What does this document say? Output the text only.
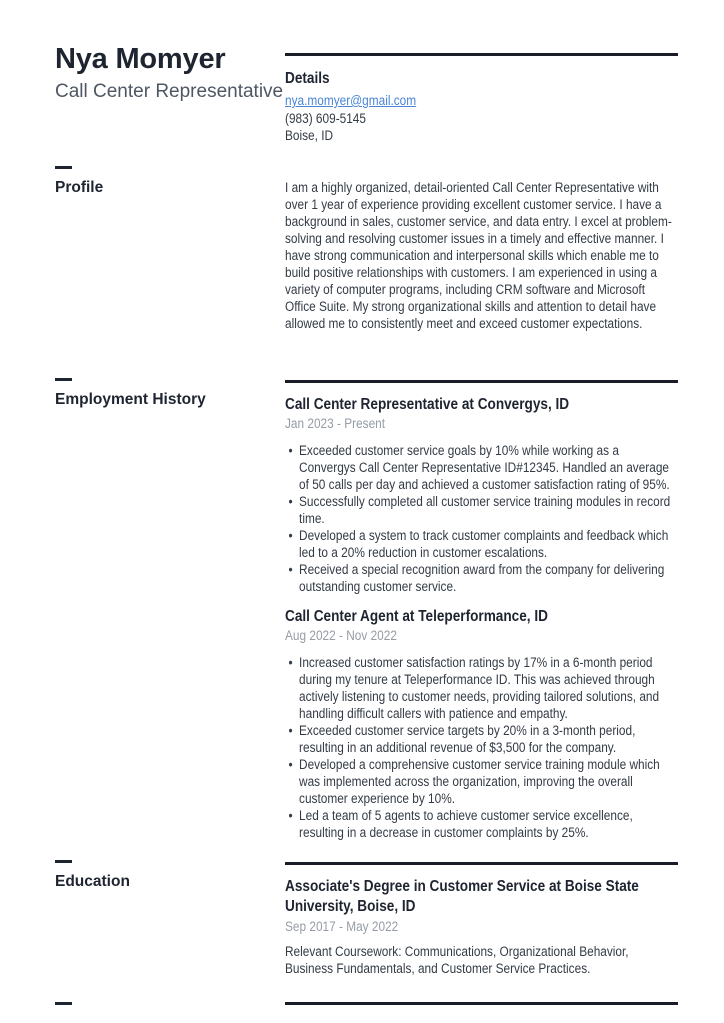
Nya Momyer
Call Center Representative
Details
nya.momyer@gmail.com
(983) 609-5145
Boise, ID
Profile	I am a highly organized, detail-oriented Call Center Representative with over 1 year of experience providing excellent customer service. I have a background in sales, customer service, and data entry. I excel at problem-solving and resolving customer issues in a timely and effective manner. I have strong communication and interpersonal skills which enable me to build positive relationships with customers. I am experienced in using a variety of computer programs, including CRM software and Microsoft Office Suite. My strong organizational skills and attention to detail have allowed me to consistently meet and exceed customer expectations.

Employment History	Call Center Representative at Convergys, ID
Jan 2023 - Present
• Exceeded customer service goals by 10% while working as a Convergys Call Center Representative ID#12345. Handled an average of 50 calls per day and achieved a customer satisfaction rating of 95%.
• Successfully completed all customer service training modules in record time.
• Developed a system to track customer complaints and feedback which led to a 20% reduction in customer escalations.
• Received a special recognition award from the company for delivering outstanding customer service.
Call Center Agent at Teleperformance, ID
Aug 2022 - Nov 2022
• Increased customer satisfaction ratings by 17% in a 6-month period during my tenure at Teleperformance ID. This was achieved through actively listening to customer needs, providing tailored solutions, and handling difficult callers with patience and empathy.
• Exceeded customer service targets by 20% in a 3-month period, resulting in an additional revenue of $3,500 for the company.
• Developed a comprehensive customer service training module which was implemented across the organization, improving the overall customer experience by 10%.
• Led a team of 5 agents to achieve customer service excellence, resulting in a decrease in customer complaints by 25%.
Education	Associate's Degree in Customer Service at Boise State University, Boise, ID
Sep 2017 - May 2022

Relevant Coursework: Communications, Organizational Behavior, Business Fundamentals, and Customer Service Practices.
